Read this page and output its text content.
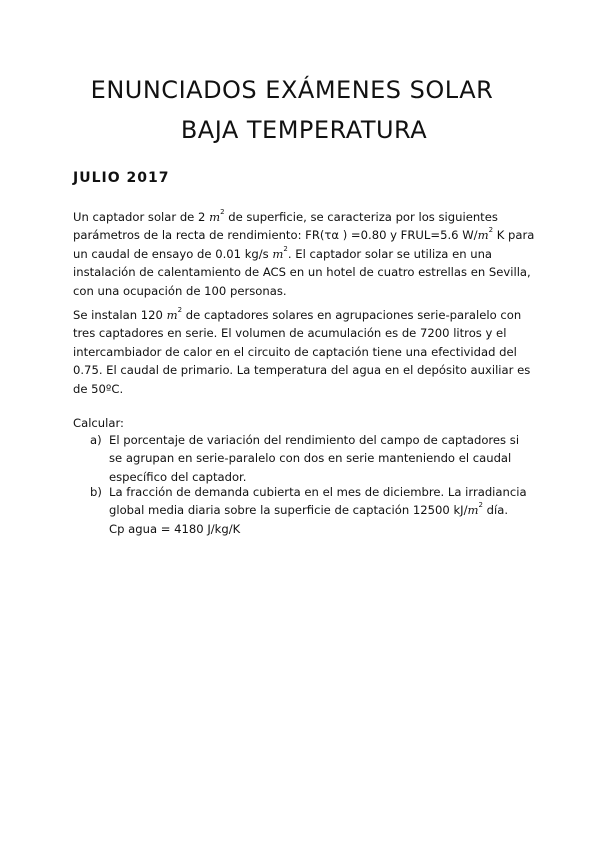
ENUNCIADOS EXÁMENES SOLAR
BAJA TEMPERATURA
JULIO 2017
Un captador solar de 2 $m^2$ de superficie, se caracteriza por los siguientes parámetros de la recta de rendimiento: FR(τα ) =0.80 y FRUL=5.6 $W/m^2$ K para un caudal de ensayo de 0.01 kg/s $m^2$. El captador solar se utiliza en una instalación de calentamiento de ACS en un hotel de cuatro estrellas en Sevilla, con una ocupación de 100 personas.
Se instalan 120 $m^2$ de captadores solares en agrupaciones serie-paralelo con tres captadores en serie. El volumen de acumulación es de 7200 litros y el intercambiador de calor en el circuito de captación tiene una efectividad del 0.75. El caudal de primario. La temperatura del agua en el depósito auxiliar es de 50ºC.
Calcular:
a) El porcentaje de variación del rendimiento del campo de captadores si se agrupan en serie-paralelo con dos en serie manteniendo el caudal específico del captador.
b) La fracción de demanda cubierta en el mes de diciembre. La irradiancia global media diaria sobre la superficie de captación 12500 $kJ/m^2$ día.
Cp agua = 4180 J/kg/K
